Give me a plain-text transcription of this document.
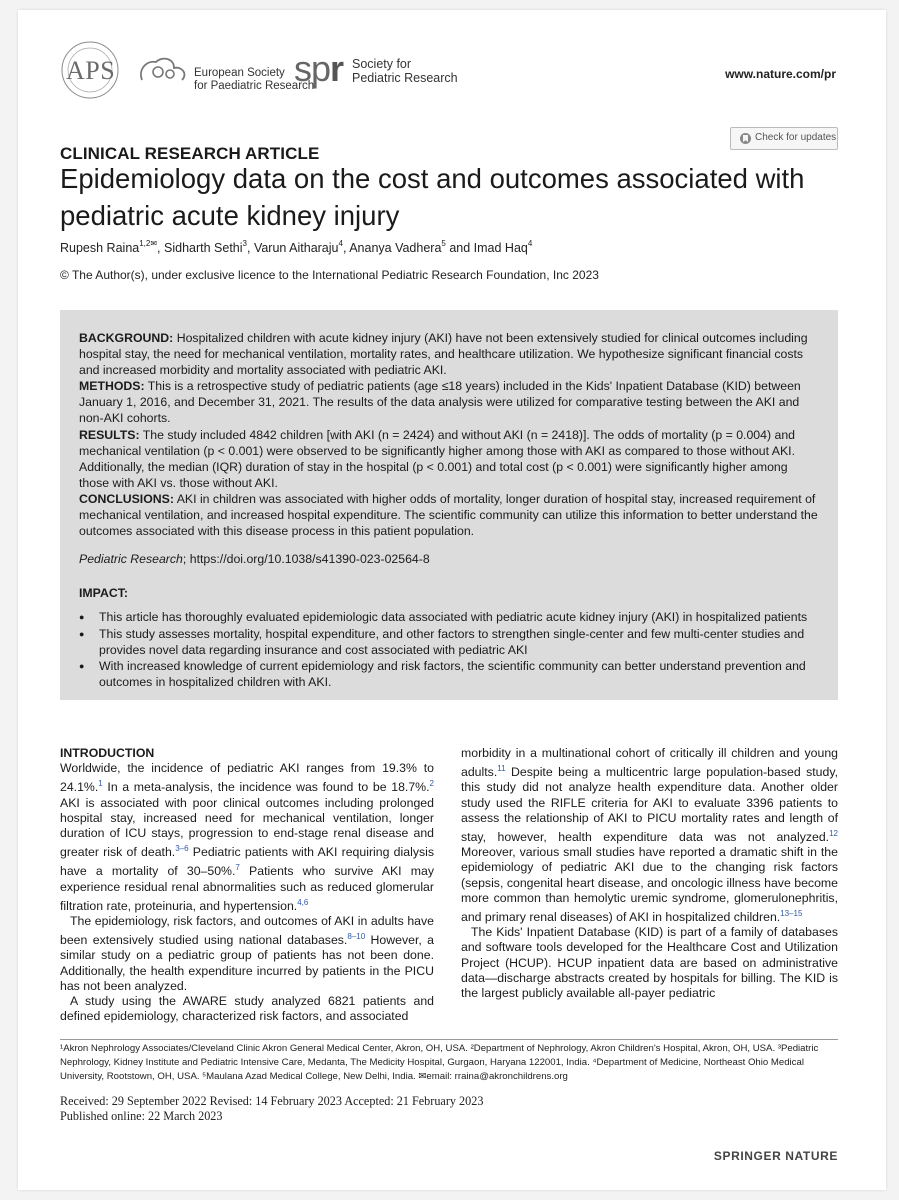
APS	European Society
for Paediatric Research
spr Society for
Pediatric Research	www.nature.com/pr
CLINICAL RESEARCH ARTICLE
Check for updates
Epidemiology data on the cost and outcomes associated with pediatric acute kidney injury
Rupesh Raina$^{1,2✉}$, Sidharth Sethi$^3$, Varun Aitharaju$^4$, Ananya Vadhera$^5$ and Imad Haq$^4$
© The Author(s), under exclusive licence to the International Pediatric Research Foundation, Inc 2023

BACKGROUND: Hospitalized children with acute kidney injury (AKI) have not been extensively studied for clinical outcomes including hospital stay, the need for mechanical ventilation, mortality rates, and healthcare utilization. We hypothesize significant financial costs and increased morbidity and mortality associated with pediatric AKI.

METHODS: This is a retrospective study of pediatric patients (age ≤18 years) included in the Kids' Inpatient Database (KID) between January 1, 2016, and December 31, 2021. The results of the data analysis were utilized for comparative testing between the AKI and non-AKI cohorts.

RESULTS: The study included 4842 children [with AKI (n = 2424) and without AKI (n = 2418)]. The odds of mortality (p = 0.004) and mechanical ventilation (p < 0.001) were observed to be significantly higher among those with AKI as compared to those without AKI. Additionally, the median (IQR) duration of stay in the hospital (p < 0.001) and total cost (p < 0.001) were significantly higher among those with AKI vs. those without AKI.

CONCLUSIONS: AKI in children was associated with higher odds of mortality, longer duration of hospital stay, increased requirement of mechanical ventilation, and increased hospital expenditure. The scientific community can utilize this information to better understand the outcomes associated with this disease process in this patient population.

Pediatric Research; https://doi.org/10.1038/s41390-023-02564-8

IMPACT:

● This article has thoroughly evaluated epidemiologic data associated with pediatric acute kidney injury (AKI) in hospitalized patients
● This study assesses mortality, hospital expenditure, and other factors to strengthen single-center and few multi-center studies and provides novel data regarding insurance and cost associated with pediatric AKI
● With increased knowledge of current epidemiology and risk factors, the scientific community can better understand prevention and outcomes in hospitalized children with AKI.

INTRODUCTION

Worldwide, the incidence of pediatric AKI ranges from 19.3% to 24.1%.$^1$ In a meta-analysis, the incidence was found to be 18.7%.$^2$ AKI is associated with poor clinical outcomes including prolonged hospital stay, increased need for mechanical ventilation, longer duration of ICU stays, progression to end-stage renal disease and greater risk of death.$^{3-6}$ Pediatric patients with AKI requiring dialysis have a mortality of 30–50%.$^7$ Patients who survive AKI may experience residual renal abnormalities such as reduced glomerular filtration rate, proteinuria, and hypertension.$^{4,6}$

The epidemiology, risk factors, and outcomes of AKI in adults have been extensively studied using national databases.$^{8-10}$ However, a similar study on a pediatric group of patients has not been done. Additionally, the health expenditure incurred by patients in the PICU has not been analyzed.

A study using the AWARE study analyzed 6821 patients and defined epidemiology, characterized risk factors, and associated

morbidity in a multinational cohort of critically ill children and young adults.$^{11}$ Despite being a multicentric large population-based study, this study did not analyze health expenditure data. Another older study used the RIFLE criteria for AKI to evaluate 3396 patients to assess the relationship of AKI to PICU mortality rates and length of stay, however, health expenditure data was not analyzed.$^{12}$ Moreover, various small studies have reported a dramatic shift in the epidemiology of pediatric AKI due to the changing risk factors (sepsis, congenital heart disease, and oncologic illness have become more common than hemolytic uremic syndrome, glomerulonephritis, and primary renal diseases) of AKI in hospitalized children.$^{13-15}$

The Kids' Inpatient Database (KID) is part of a family of databases and software tools developed for the Healthcare Cost and Utilization Project (HCUP). HCUP inpatient data are based on administrative data—discharge abstracts created by hospitals for billing. The KID is the largest publicly available all-payer pediatric

¹Akron Nephrology Associates/Cleveland Clinic Akron General Medical Center, Akron, OH, USA. ²Department of Nephrology, Akron Children's Hospital, Akron, OH, USA. ³Pediatric Nephrology, Kidney Institute and Pediatric Intensive Care, Medanta, The Medicity Hospital, Gurgaon, Haryana 122001, India. ⁴Department of Medicine, Northeast Ohio Medical University, Rootstown, OH, USA. ⁵Maulana Azad Medical College, New Delhi, India. ✉email: rraina@akronchildrens.org
Received: 29 September 2022 Revised: 14 February 2023 Accepted: 21 February 2023
Published online: 22 March 2023
SPRINGER NATURE
